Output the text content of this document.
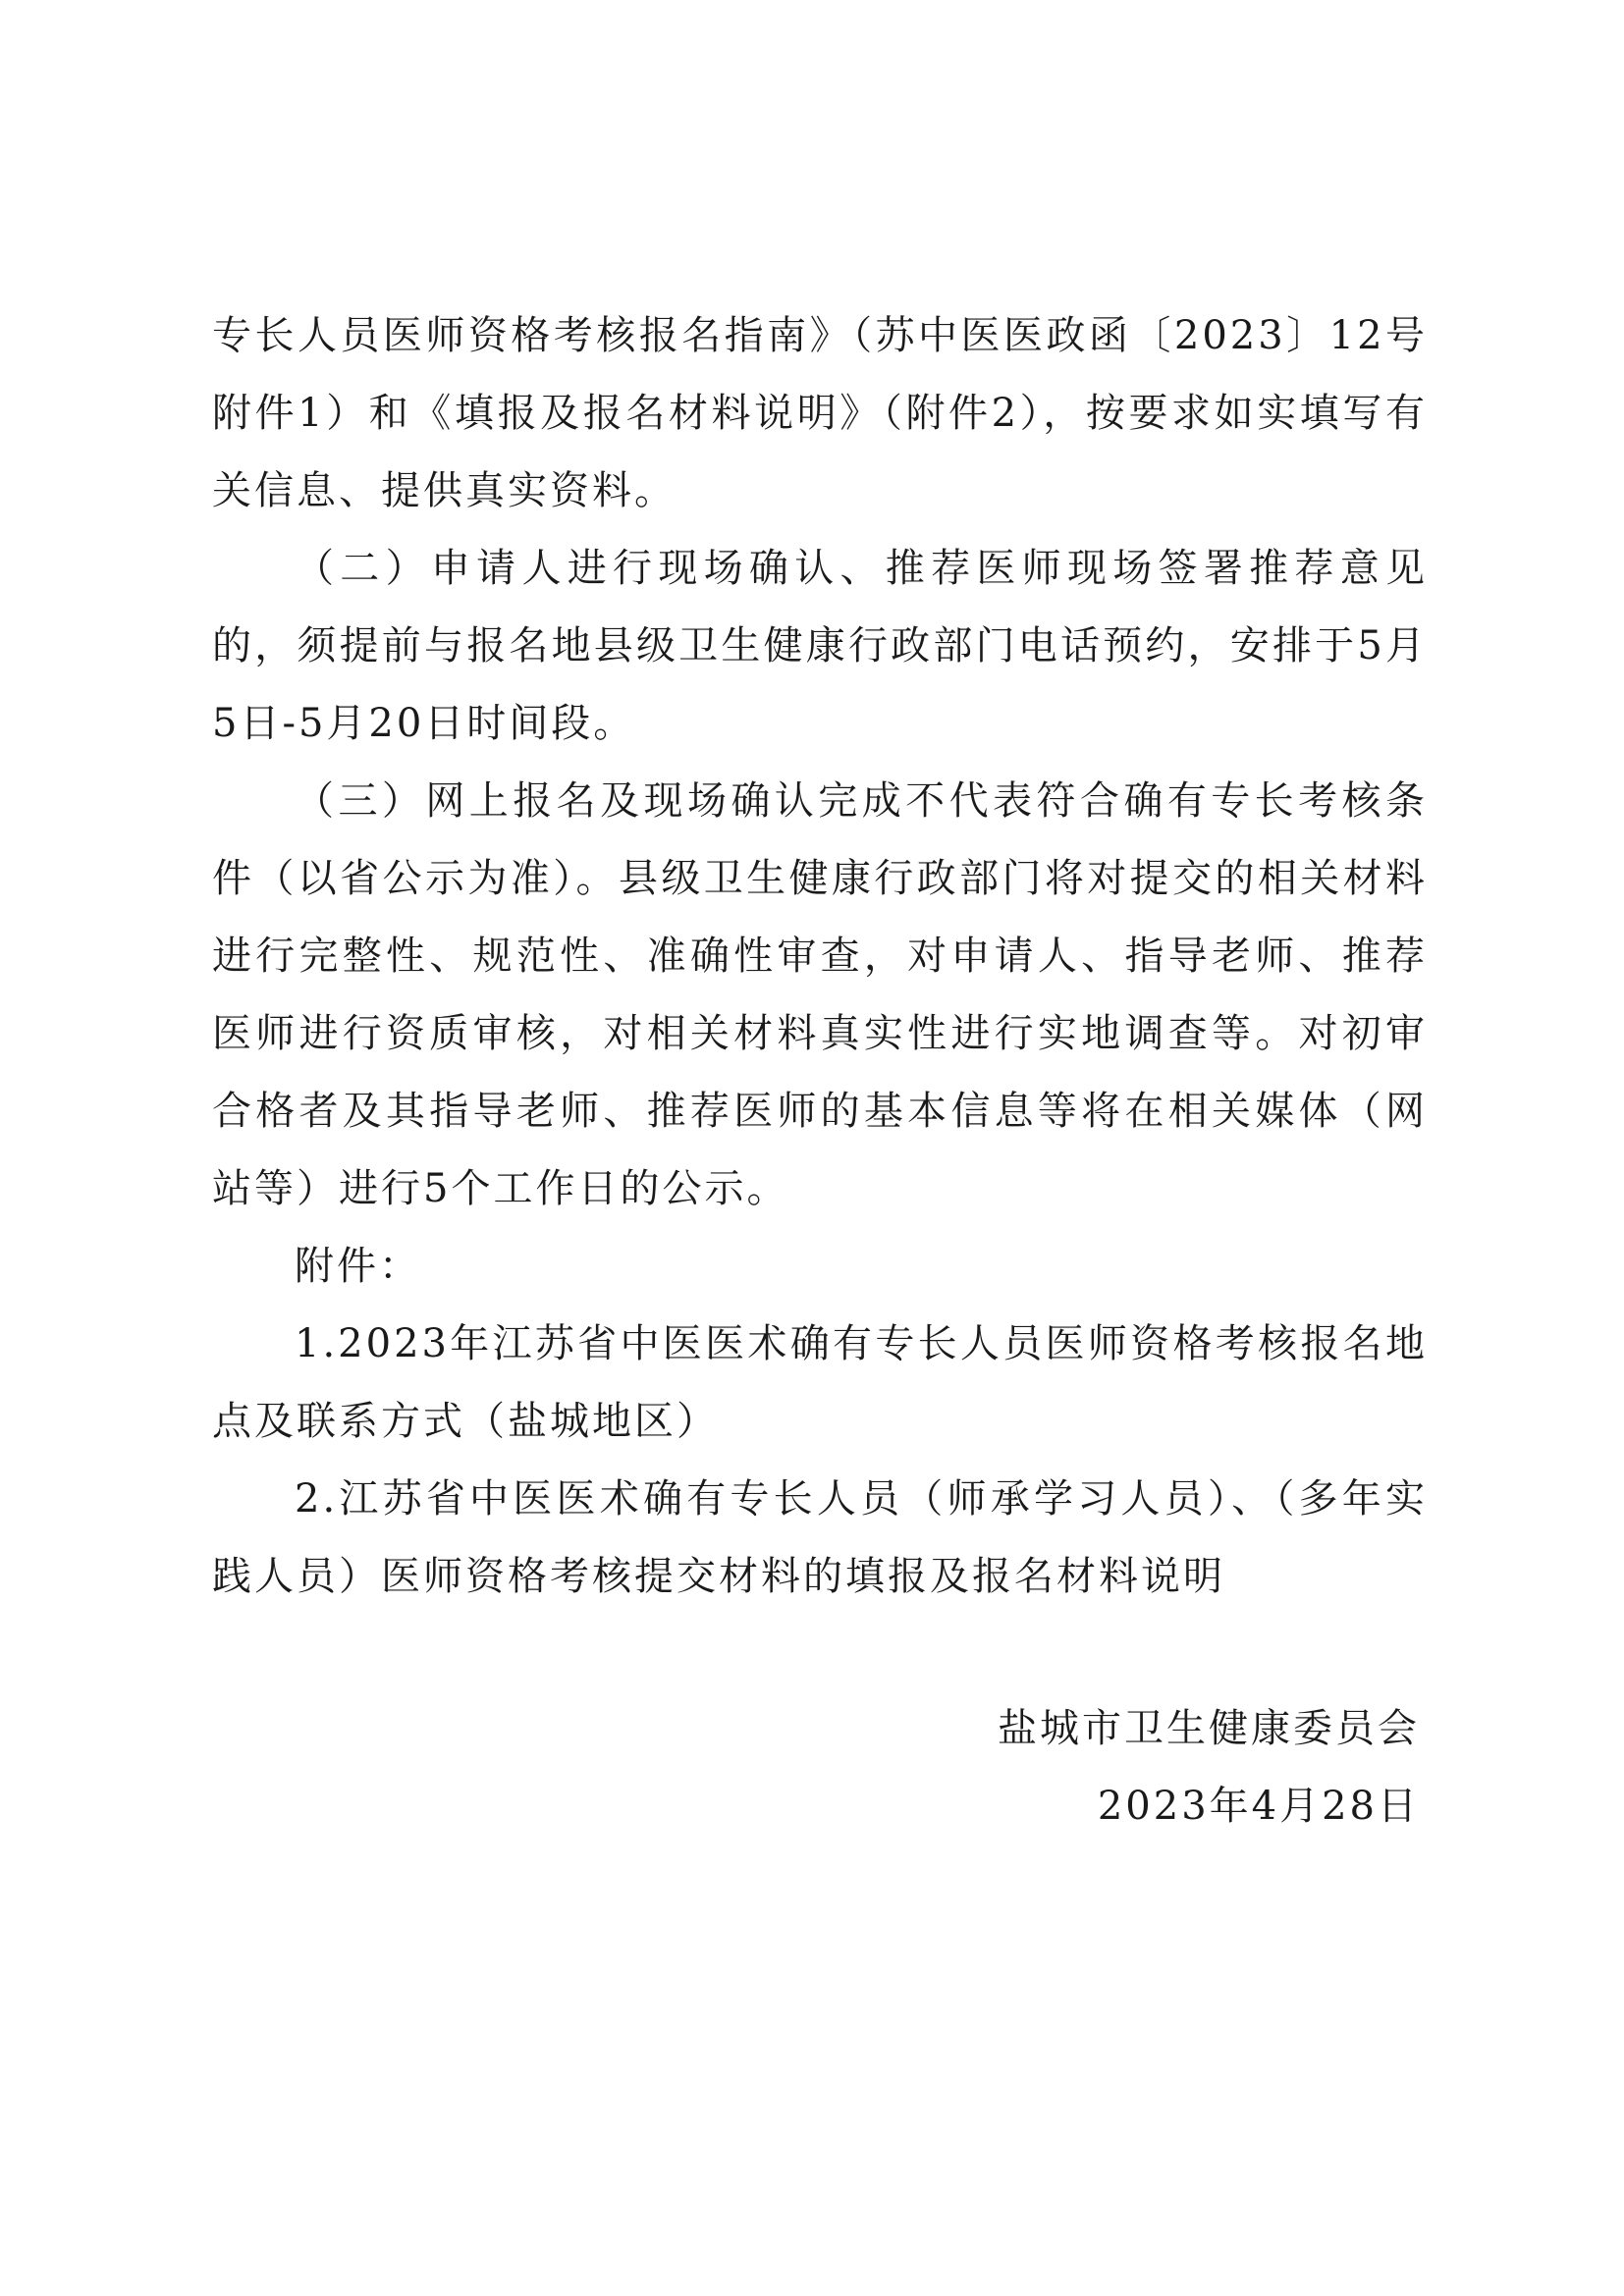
专长人员医师资格考核报名指南》（苏中医医政函〔2023〕12号附件1）和《填报及报名材料说明》（附件2），按要求如实填写有关信息、提供真实资料。

（二）申请人进行现场确认、推荐医师现场签署推荐意见的，须提前与报名地县级卫生健康行政部门电话预约，安排于5月5日-5月20日时间段。

（三）网上报名及现场确认完成不代表符合确有专长考核条件（以省公示为准）。县级卫生健康行政部门将对提交的相关材料进行完整性、规范性、准确性审查，对申请人、指导老师、推荐医师进行资质审核，对相关材料真实性进行实地调查等。对初审合格者及其指导老师、推荐医师的基本信息等将在相关媒体（网站等）进行5个工作日的公示。

附件：

1.2023年江苏省中医医术确有专长人员医师资格考核报名地点及联系方式（盐城地区）

2.江苏省中医医术确有专长人员（师承学习人员）、（多年实践人员）医师资格考核提交材料的填报及报名材料说明

盐城市卫生健康委员会
2023年4月28日
